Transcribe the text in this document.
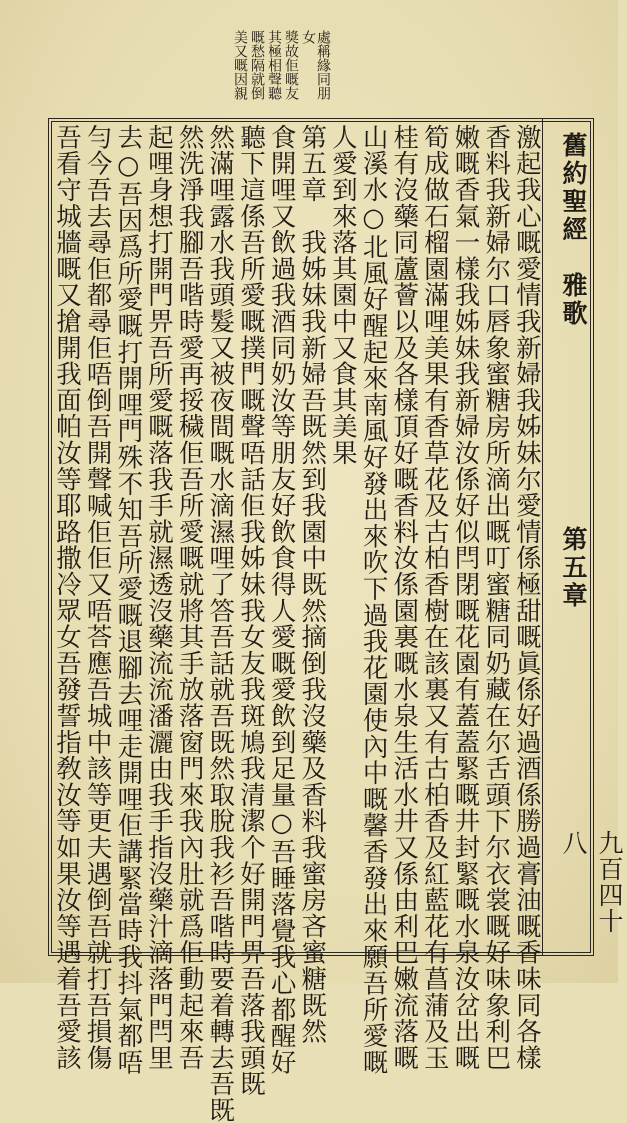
處稱緣同朋女
獎故佢嘅友
其極相聲聽
嘅愁隔就倒
美又嘅因親
舊約聖經　雅歌
第五章
九百四十八
激起我心嘅愛情我新婦我姊妹尔愛情係極甜嘅眞係好過酒係勝過膏油嘅香味同各樣
香料我新婦尔口唇象蜜糖房所滴出嘅叮蜜糖同奶藏在尔舌頭下尔衣裳嘅好味象利巴
嫩嘅香氣一樣我姊妹我新婦汝係好似閂閉嘅花園有蓋蓋緊嘅井封緊嘅水泉汝岔出嘅
筍成做石榴園滿哩美果有香草花及古柏香樹在該裏又有古柏香及紅藍花有菖蒲及玉
桂有沒藥同蘆薈以及各樣頂好嘅香料汝係園裏嘅水泉生活水井又係由利巴嫩流落嘅
山溪水○北風好醒起來南風好發出來吹下過我花園使內中嘅馨香發出來願吾所愛嘅
人愛到來落其園中又食其美果
第五章　我姊妹我新婦吾既然到我園中既然摘倒我沒藥及香料我蜜房吝蜜糖既然
食開哩又飲過我酒同奶汝等朋友好飲食得人愛嘅愛飲到足量○吾睡落覺我心都醒好
聽下這係吾所愛嘅撲門嘅聲唔話佢我姊妹我女友我斑鳩我清潔个好開門畀吾落我頭既
然滿哩露水我頭髮又被夜間嘅水滴濕哩了答吾話就吾既然取脫我衫吾喈時要着轉去吾既
然洗淨我腳吾喈時愛再挼穢佢吾所愛嘅就將其手放落窗門來我內肚就爲佢動起來吾
起哩身想打開門畀吾所愛嘅落我手就濕透沒藥流流潘灑由我手指沒藥汁滴落門閂里
去○吾因爲所愛嘅打開哩門殊不知吾所愛嘅退腳去哩走開哩佢講緊當時我抖氣都唔
勻今吾去尋佢都尋佢唔倒吾開聲喊佢佢又唔荅應吾城中該等更夫遇倒吾就打吾損傷
吾看守城牆嘅又搶開我面帕汝等耶路撒冷眾女吾發誓指敎汝等如果汝等遇着吾愛該
